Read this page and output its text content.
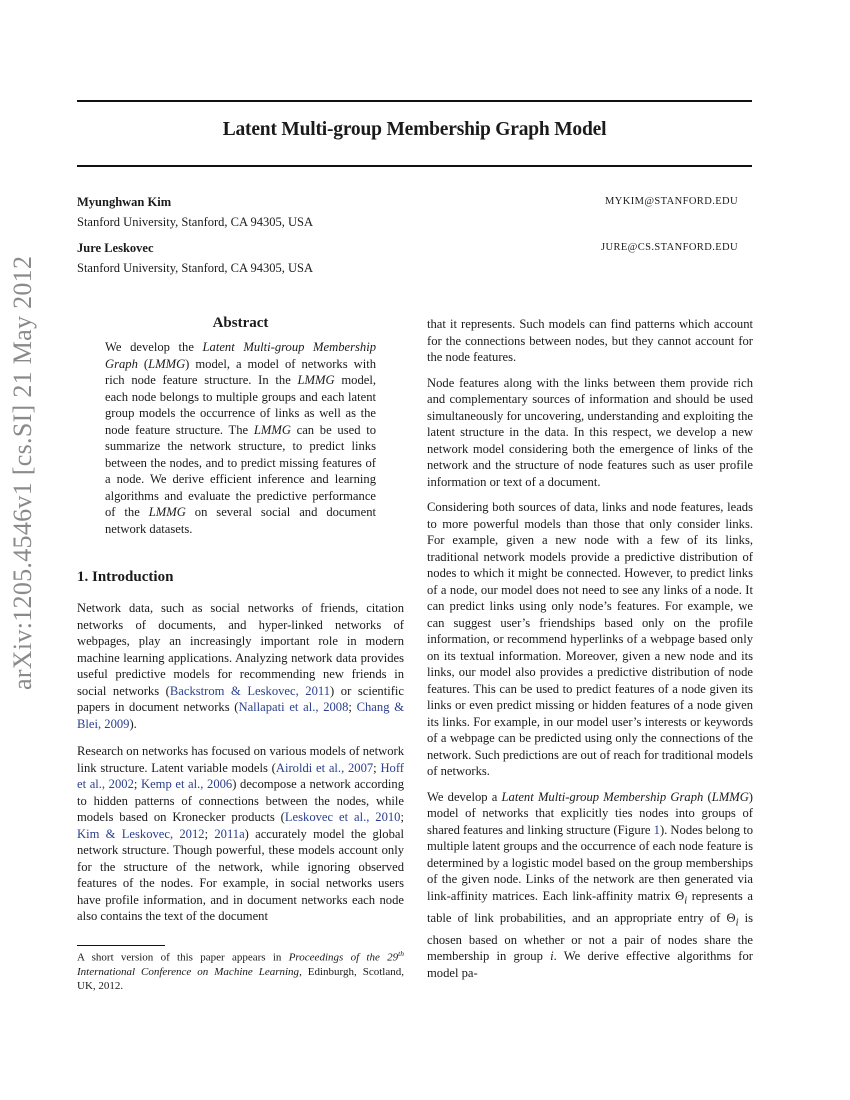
Latent Multi-group Membership Graph Model
Myunghwan Kim
Stanford University, Stanford, CA 94305, USA
MYKIM@STANFORD.EDU
Jure Leskovec
Stanford University, Stanford, CA 94305, USA
JURE@CS.STANFORD.EDU
arXiv:1205.4546v1 [cs.SI] 21 May 2012	Abstract
We develop the Latent Multi-group Membership Graph (LMMG) model, a model of networks with rich node feature structure. In the LMMG model, each node belongs to multiple groups and each latent group models the occurrence of links as well as the node feature structure. The LMMG can be used to summarize the network structure, to predict links between the nodes, and to predict missing features of a node. We derive efficient inference and learning algorithms and evaluate the predictive performance of the LMMG on several social and document network datasets.
1. Introduction
Network data, such as social networks of friends, citation networks of documents, and hyper-linked networks of webpages, play an increasingly important role in modern machine learning applications. Analyzing network data provides useful predictive models for recommending new friends in social networks (Backstrom & Leskovec, 2011) or scientific papers in document networks (Nallapati et al., 2008; Chang & Blei, 2009).
Research on networks has focused on various models of network link structure. Latent variable models (Airoldi et al., 2007; Hoff et al., 2002; Kemp et al., 2006) decompose a network according to hidden patterns of connections between the nodes, while models based on Kronecker products (Leskovec et al., 2010; Kim & Leskovec, 2012; 2011a) accurately model the global network structure. Though powerful, these models account only for the structure of the network, while ignoring observed features of the nodes. For example, in social networks users have profile information, and in document networks each node also contains the text of the document
A short version of this paper appears in Proceedings of the 29th International Conference on Machine Learning, Edinburgh, Scotland, UK, 2012.

that it represents. Such models can find patterns which account for the connections between nodes, but they cannot account for the node features.

Node features along with the links between them provide rich and complementary sources of information and should be used simultaneously for uncovering, understanding and exploiting the latent structure in the data. In this respect, we develop a new network model considering both the emergence of links of the network and the structure of node features such as user profile information or text of a document.

Considering both sources of data, links and node features, leads to more powerful models than those that only consider links. For example, given a new node with a few of its links, traditional network models provide a predictive distribution of nodes to which it might be connected. However, to predict links of a node, our model does not need to see any links of a node. It can predict links using only node’s features. For example, we can suggest user’s friendships based only on the profile information, or recommend hyperlinks of a webpage based only on its textual information. Moreover, given a new node and its links, our model also provides a predictive distribution of node features. This can be used to predict features of a node given its links or even predict missing or hidden features of a node given its links. For example, in our model user’s interests or keywords of a webpage can be predicted using only the connections of the network. Such predictions are out of reach for traditional models of networks.

We develop a Latent Multi-group Membership Graph (LMMG) model of networks that explicitly ties nodes into groups of shared features and linking structure (Figure 1). Nodes belong to multiple latent groups and the occurrence of each node feature is determined by a logistic model based on the group memberships of the given node. Links of the network are then generated via link-affinity matrices. Each link-affinity matrix $\Theta_i$ represents a table of link probabilities, and an appropriate entry of $\Theta_i$ is chosen based on whether or not a pair of nodes share the membership in group i. We derive effective algorithms for model pa-
